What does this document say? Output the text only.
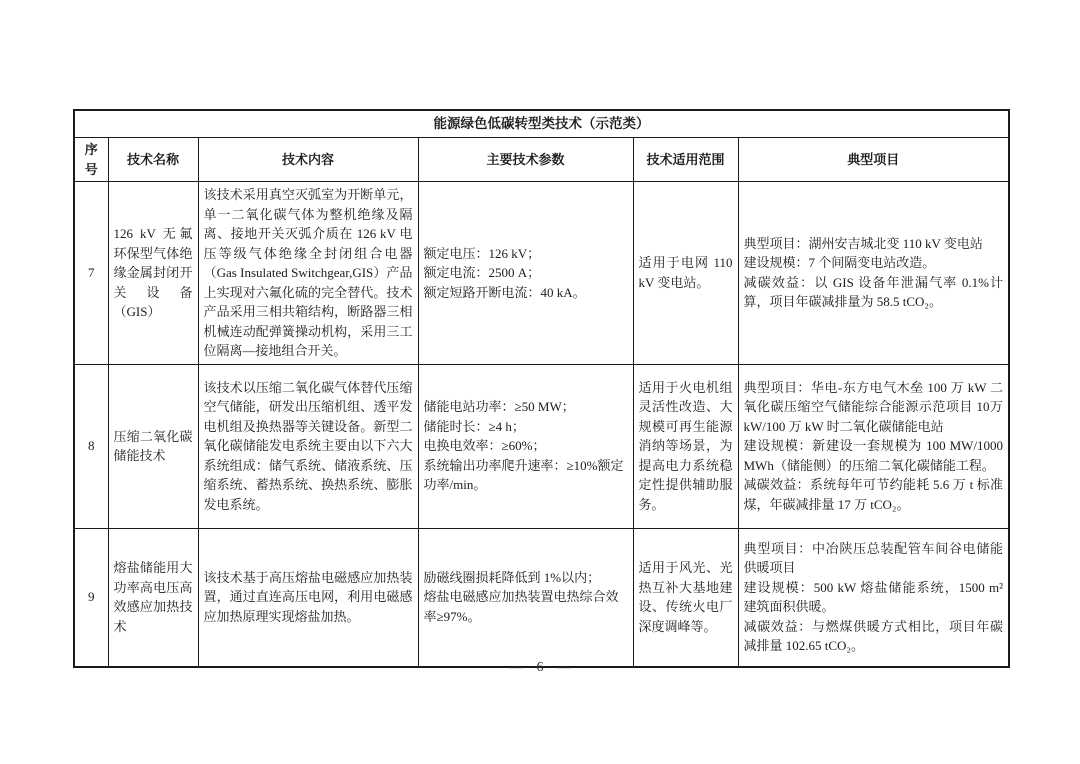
能源绿色低碳转型类技术（示范类）					
序号	技术名称	技术内容	主要技术参数	技术适用范围	典型项目
7	126 kV 无氟环保型气体绝缘金属封闭开关设备（GIS）	该技术采用真空灭弧室为开断单元，单一二氧化碳气体为整机绝缘及隔离、接地开关灭弧介质在 126 kV 电压等级气体绝缘全封闭组合电器（Gas Insulated Switchgear,GIS）产品上实现对六氟化硫的完全替代。技术产品采用三相共箱结构，断路器三相机械连动配弹簧操动机构，采用三工位隔离—接地组合开关。	额定电压：126 kV；
额定电流：2500 A；
额定短路开断电流：40 kA。	适用于电网 110 kV 变电站。	典型项目：湖州安吉城北变 110 kV 变电站
建设规模：7 个间隔变电站改造。
减碳效益：以 GIS 设备年泄漏气率 0.1%计算，项目年碳减排量为 58.5 tCO₂。

8	压缩二氧化碳储能技术	该技术以压缩二氧化碳气体替代压缩空气储能，研发出压缩机组、透平发电机组及换热器等关键设备。新型二氧化碳储能发电系统主要由以下六大系统组成：储气系统、储液系统、压缩系统、蓄热系统、换热系统、膨胀发电系统。	储能电站功率：≥50 MW；
储能时长：≥4 h；
电换电效率：≥60%；
系统输出功率爬升速率：≥10%额定功率/min。	适用于火电机组灵活性改造、大规模可再生能源消纳等场景，为提高电力系统稳定性提供辅助服务。	典型项目：华电-东方电气木垒 100 万 kW 二氧化碳压缩空气储能综合能源示范项目 10万 kW/100 万 kW 时二氧化碳储能电站
建设规模：新建设一套规模为 100 MW/1000 MWh（储能侧）的压缩二氧化碳储能工程。
减碳效益：系统每年可节约能耗 5.6 万 t 标准煤，年碳减排量 17 万 tCO₂。

9	熔盐储能用大功率高电压高效感应加热技术	该技术基于高压熔盐电磁感应加热装置，通过直连高压电网，利用电磁感应加热原理实现熔盐加热。	励磁线圈损耗降低到 1%以内；
熔盐电磁感应加热装置电热综合效率≥97%。	适用于风光、光热互补大基地建设、传统火电厂深度调峰等。	典型项目：中冶陕压总装配管车间谷电储能供暖项目
建设规模：500 kW 熔盐储能系统，1500 m² 建筑面积供暖。
减碳效益：与燃煤供暖方式相比，项目年碳减排量 102.65 tCO₂。
— 6 —
